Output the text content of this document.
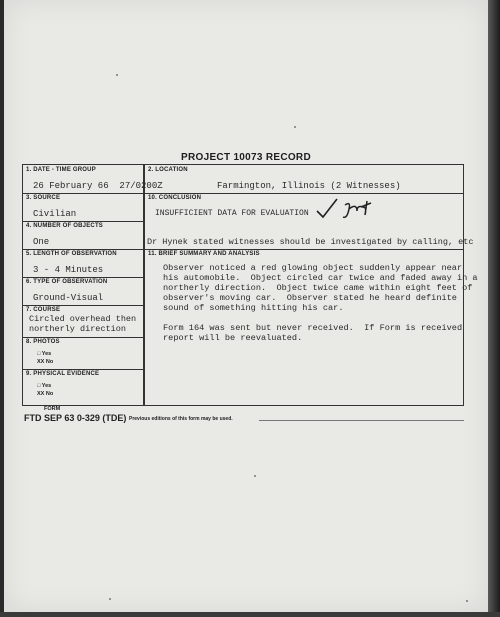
PROJECT 10073 RECORD
1. DATE - TIME GROUP
26 February 66  27/0200Z
2. LOCATION
Farmington, Illinois (2 Witnesses)
3. SOURCE
Civilian
10. CONCLUSION
INSUFFICIENT DATA FOR EVALUATION
4. NUMBER OF OBJECTS
One	Dr Hynek stated witnesses should be investigated by calling, etc
5. LENGTH OF OBSERVATION
3 - 4 Minutes
11. BRIEF SUMMARY AND ANALYSIS
Observer noticed a red glowing object suddenly appear near
his automobile.  Object circled car twice and faded away in a
northerly direction.  Object twice came within eight feet of
observer's moving car.  Observer stated he heard definite
sound of something hitting his car.
Form 164 was sent but never received.  If Form is received
report will be reevaluated.
6. TYPE OF OBSERVATION
Ground-Visual
7. COURSE
Circled overhead then
northerly direction
8. PHOTOS
□ Yes
XX No
9. PHYSICAL EVIDENCE
□ Yes
XX No
FORM
FTD SEP 63 0-329 (TDE) Previous editions of this form may be used.
